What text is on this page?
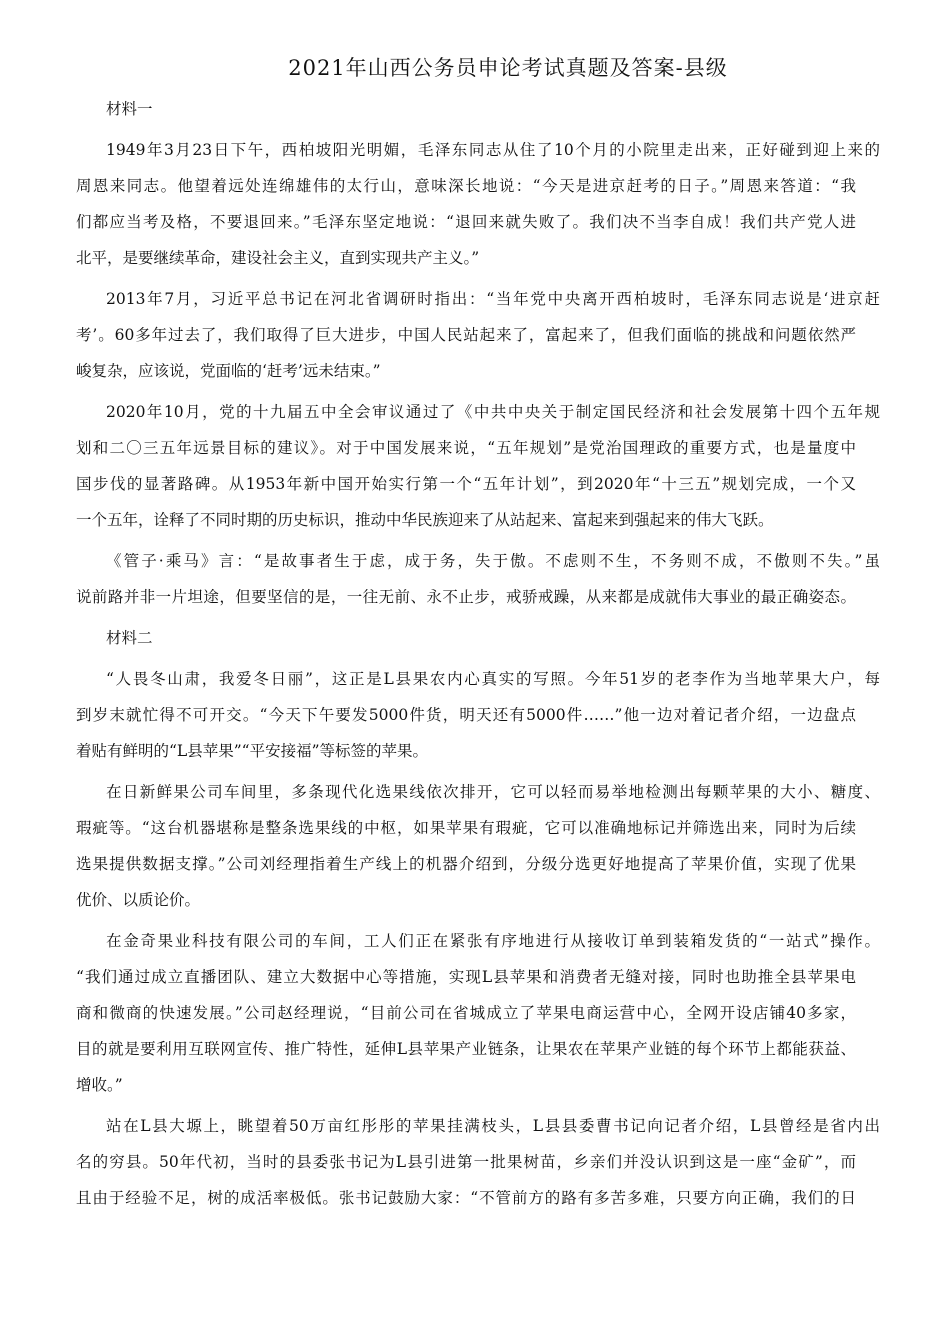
2021年山西公务员申论考试真题及答案-县级

材料一

1949年3月23日下午，西柏坡阳光明媚，毛泽东同志从住了10个月的小院里走出来，正好碰到迎上来的

周恩来同志。他望着远处连绵雄伟的太行山，意味深长地说：“今天是进京赶考的日子。”周恩来答道：“我

们都应当考及格，不要退回来。”毛泽东坚定地说：“退回来就失败了。我们决不当李自成！我们共产党人进

北平，是要继续革命，建设社会主义，直到实现共产主义。”

2013年7月，习近平总书记在河北省调研时指出：“当年党中央离开西柏坡时，毛泽东同志说是‘进京赶

考’。60多年过去了，我们取得了巨大进步，中国人民站起来了，富起来了，但我们面临的挑战和问题依然严

峻复杂，应该说，党面临的‘赶考’远未结束。”

2020年10月，党的十九届五中全会审议通过了《中共中央关于制定国民经济和社会发展第十四个五年规

划和二〇三五年远景目标的建议》。对于中国发展来说，“五年规划”是党治国理政的重要方式，也是量度中

国步伐的显著路碑。从1953年新中国开始实行第一个“五年计划”，到2020年“十三五”规划完成，一个又

一个五年，诠释了不同时期的历史标识，推动中华民族迎来了从站起来、富起来到强起来的伟大飞跃。

《管子·乘马》言：“是故事者生于虑，成于务，失于傲。不虑则不生，不务则不成，不傲则不失。”虽

说前路并非一片坦途，但要坚信的是，一往无前、永不止步，戒骄戒躁，从来都是成就伟大事业的最正确姿态。

材料二

“人畏冬山肃，我爱冬日丽”，这正是L县果农内心真实的写照。今年51岁的老李作为当地苹果大户，每

到岁末就忙得不可开交。“今天下午要发5000件货，明天还有5000件……”他一边对着记者介绍，一边盘点

着贴有鲜明的“L县苹果”“平安接福”等标签的苹果。

在日新鲜果公司车间里，多条现代化选果线依次排开，它可以轻而易举地检测出每颗苹果的大小、糖度、

瑕疵等。“这台机器堪称是整条选果线的中枢，如果苹果有瑕疵，它可以准确地标记并筛选出来，同时为后续

选果提供数据支撑。”公司刘经理指着生产线上的机器介绍到，分级分选更好地提高了苹果价值，实现了优果

优价、以质论价。

在金奇果业科技有限公司的车间，工人们正在紧张有序地进行从接收订单到装箱发货的“一站式”操作。

“我们通过成立直播团队、建立大数据中心等措施，实现L县苹果和消费者无缝对接，同时也助推全县苹果电

商和微商的快速发展。”公司赵经理说，“目前公司在省城成立了苹果电商运营中心，全网开设店铺40多家，

目的就是要利用互联网宣传、推广特性，延伸L县苹果产业链条，让果农在苹果产业链的每个环节上都能获益、

增收。”

站在L县大塬上，眺望着50万亩红彤彤的苹果挂满枝头，L县县委曹书记向记者介绍，L县曾经是省内出

名的穷县。50年代初，当时的县委张书记为L县引进第一批果树苗，乡亲们并没认识到这是一座“金矿”，而

且由于经验不足，树的成活率极低。张书记鼓励大家：“不管前方的路有多苦多难，只要方向正确，我们的日
